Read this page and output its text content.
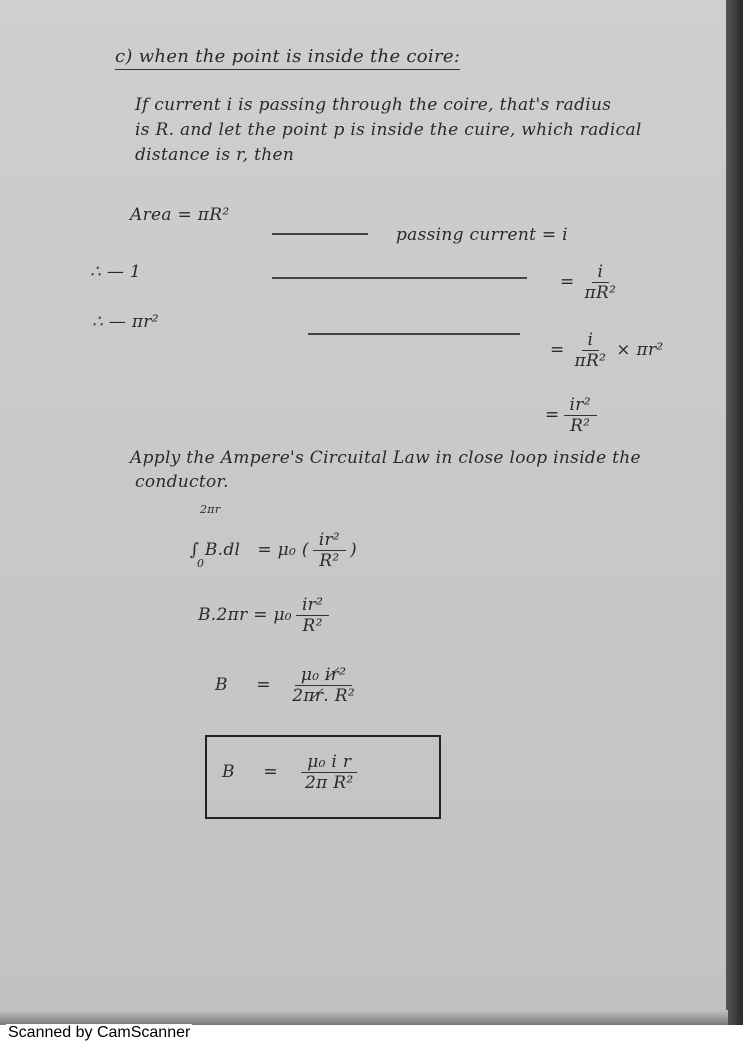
c) when the point is inside the coire:
If current i is passing through the coire, that's radius
is R. and let the point p is inside the cuire, which radical
distance is r, then
Area = πR²
passing current = i
∴ — 1	= $\frac{i}{\text{πR²}}$
∴ — πr²
= $\frac{i}{\text{πR²}} \times \pi r^2$
= $\frac{\text{ir²}}{\text{R²}}$
Apply the Ampere's Circuital Law in close loop inside the
conductor.
2πr
0
∫ B.dl = μ₀ ( $\frac{\text{ir²}}{\text{R²}}$ )
$B.2\pi r = \mu_0 \frac{\text{ir²}}{\text{R²}}$
$B = \frac{\text{μ₀ ir̸²}}{\text{2πr̸. R²}}$
$B = \frac{\text{μ₀ i r}}{\text{2π R²}}$
Scanned by CamScanner
